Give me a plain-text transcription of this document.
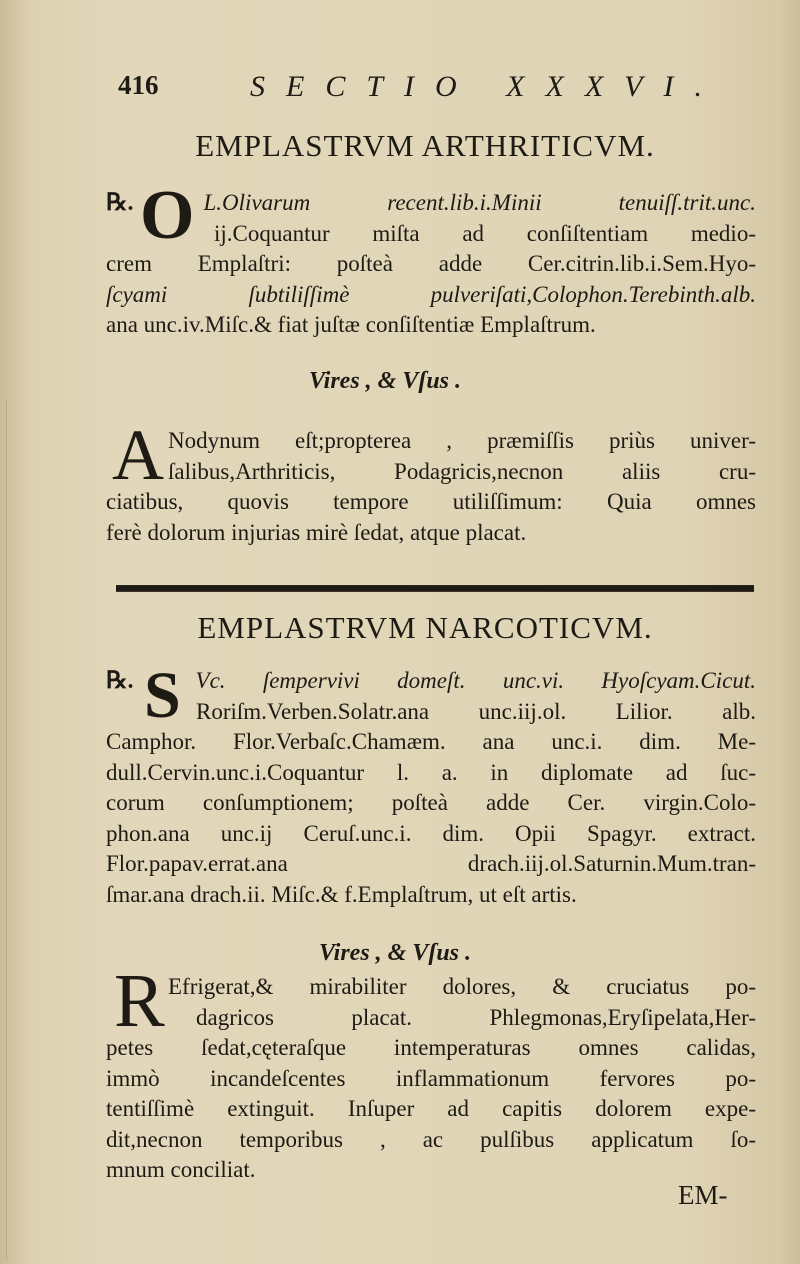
416	SECTIO XXXVI.
EMPLASTRVM ARTHRITICVM.
O
℞.	L.Olivarum recent.lib.i.Minii tenuiſſ.trit.unc.
ij.Coquantur miſta ad conſiſtentiam medio-
crem Emplaſtri: poſteà adde Cer.citrin.lib.i.Sem.Hyo-
ſcyami ſubtiliſſimè pulveriſati,Colophon.Terebinth.alb.
ana unc.iv.Miſc.& fiat juſtæ conſiſtentiæ Emplaſtrum.
Vires , & Vſus .
A Nodynum eſt;propterea , præmiſſis priùs univer-
ſalibus,Arthriticis, Podagricis,necnon aliis cru-
ciatibus, quovis tempore utiliſſimum: Quia omnes
ferè dolorum injurias mirè ſedat, atque placat.
EMPLASTRVM NARCOTICVM.
S
℞.	Vc. ſempervivi domeſt. unc.vi. Hyoſcyam.Cicut.
Roriſm.Verben.Solatr.ana unc.iij.ol. Lilior. alb.
Camphor. Flor.Verbaſc.Chamæm. ana unc.i. dim. Me-
dull.Cervin.unc.i.Coquantur l. a. in diplomate ad ſuc-
corum conſumptionem; poſteà adde Cer. virgin.Colo-
phon.ana unc.ij Ceruſ.unc.i. dim. Opii Spagyr. extract.
Flor.papav.errat.ana drach.iij.ol.Saturnin.Mum.tran-
ſmar.ana drach.ii. Miſc.& f.Emplaſtrum, ut eſt artis.
Vires , & Vſus .
R Efrigerat,& mirabiliter dolores, & cruciatus po-
dagricos placat. Phlegmonas,Eryſipelata,Her-
petes ſedat,cęteraſque intemperaturas omnes calidas,
immò incandeſcentes inflammationum fervores po-
tentiſſimè extinguit. Inſuper ad capitis dolorem expe-
dit,necnon temporibus , ac pulſibus applicatum ſo-
mnum conciliat.
EM-
